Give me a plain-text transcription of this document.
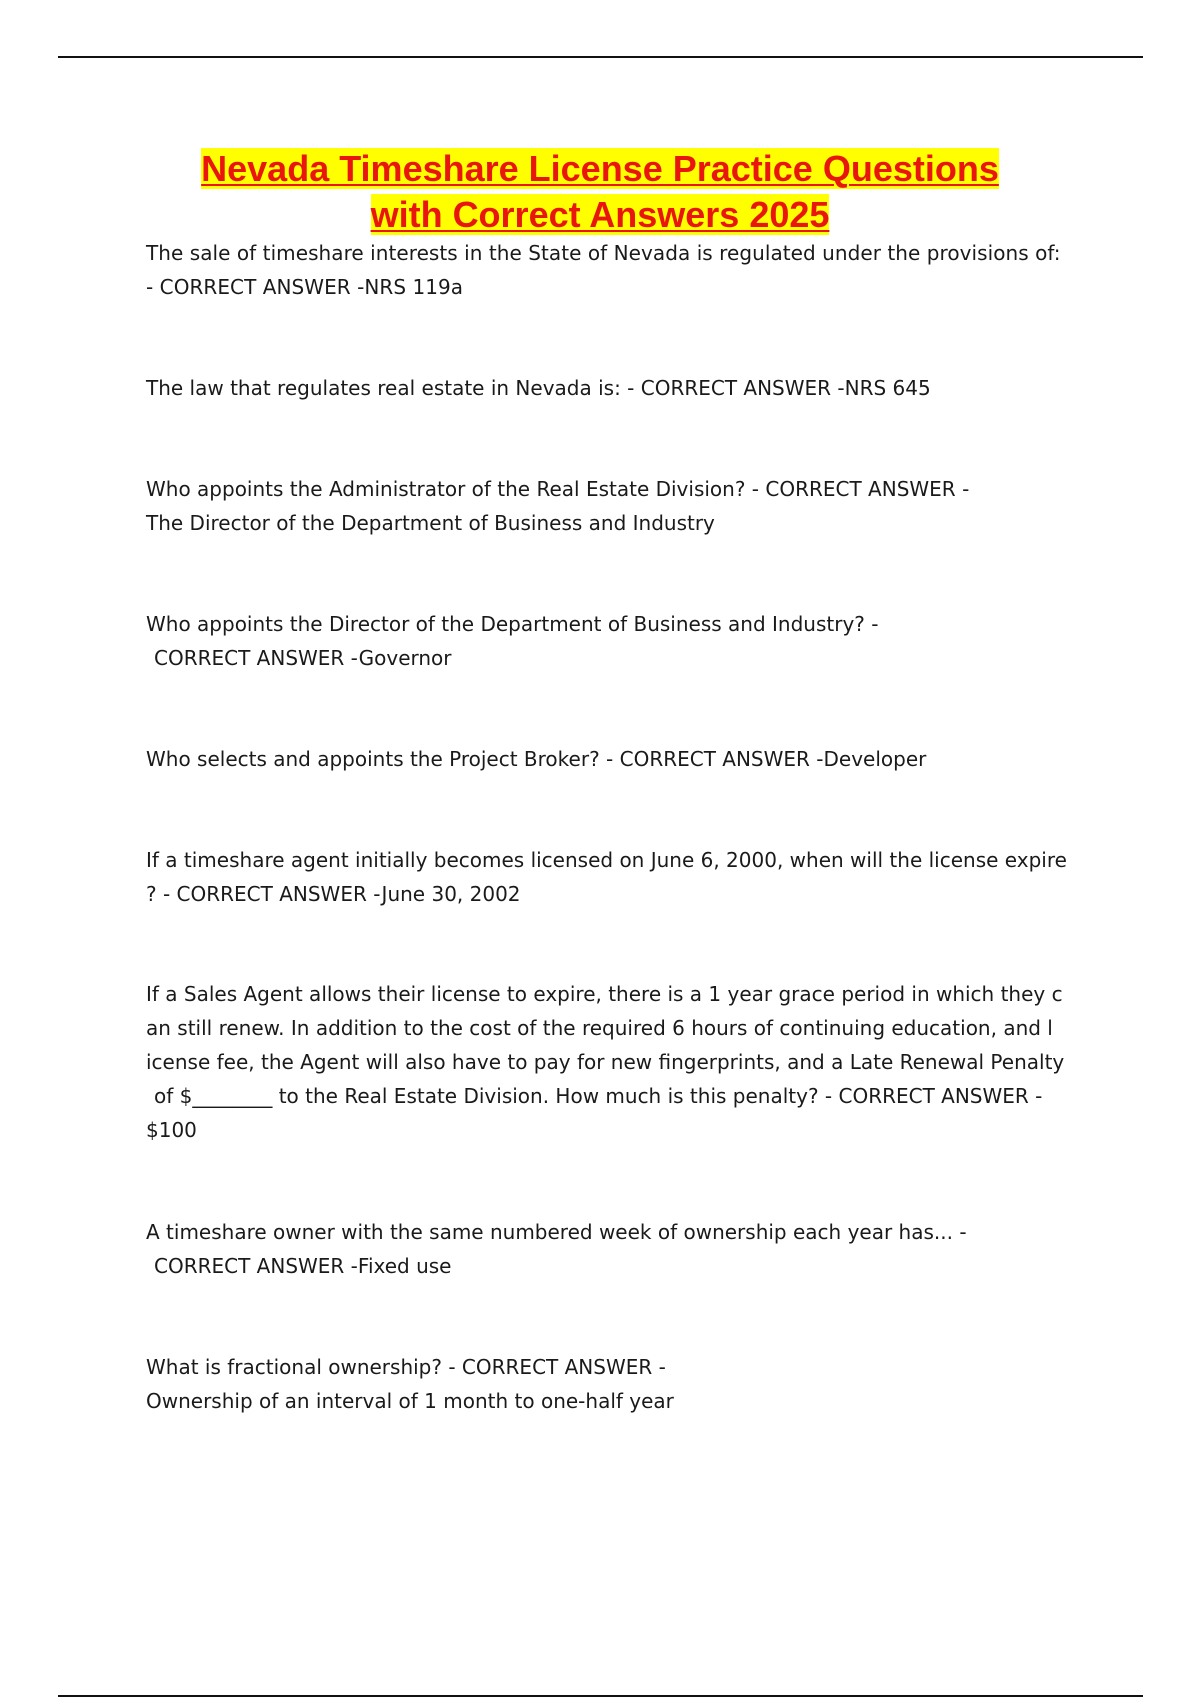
Nevada Timeshare License Practice Questions
with Correct Answers 2025
The sale of timeshare interests in the State of Nevada is regulated under the provisions of:
- CORRECT ANSWER -NRS 119a
The law that regulates real estate in Nevada is: - CORRECT ANSWER -NRS 645
Who appoints the Administrator of the Real Estate Division? - CORRECT ANSWER -
The Director of the Department of Business and Industry
Who appoints the Director of the Department of Business and Industry? -
CORRECT ANSWER -Governor
Who selects and appoints the Project Broker? - CORRECT ANSWER -Developer
If a timeshare agent initially becomes licensed on June 6, 2000, when will the license expire
? - CORRECT ANSWER -June 30, 2002
If a Sales Agent allows their license to expire, there is a 1 year grace period in which they c
an still renew. In addition to the cost of the required 6 hours of continuing education, and l
icense fee, the Agent will also have to pay for new fingerprints, and a Late Renewal Penalty
of $________ to the Real Estate Division. How much is this penalty? - CORRECT ANSWER -
$100
A timeshare owner with the same numbered week of ownership each year has... -
CORRECT ANSWER -Fixed use
What is fractional ownership? - CORRECT ANSWER -
Ownership of an interval of 1 month to one-half year
